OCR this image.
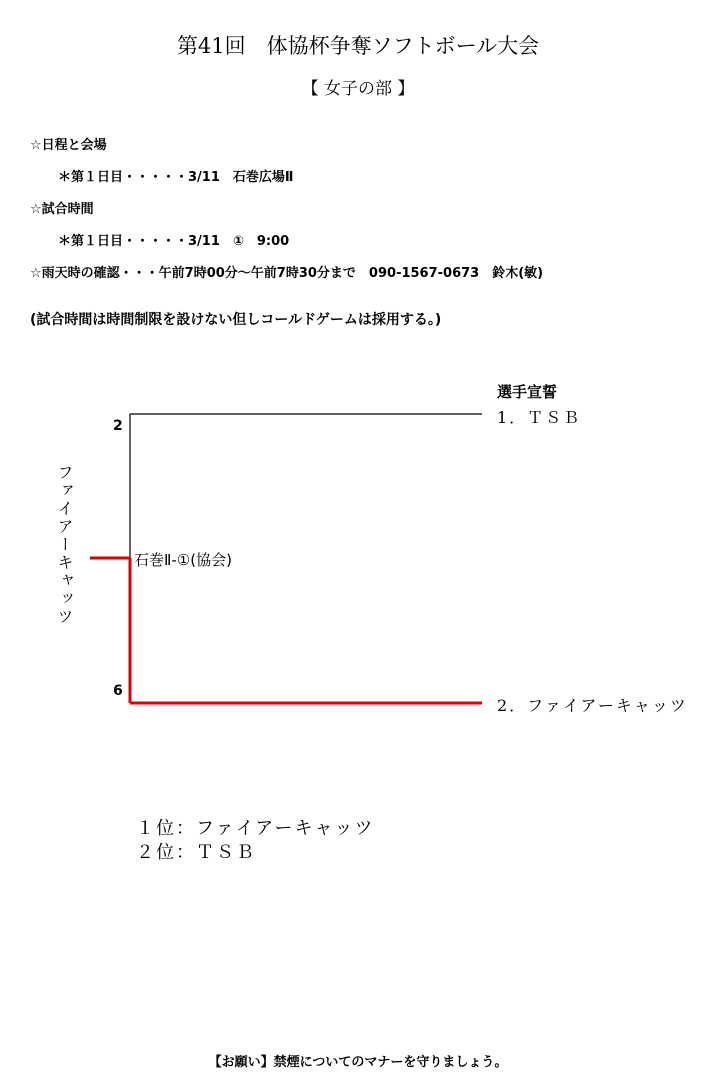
第41回　体協杯争奪ソフトボール大会
【 女子の部 】
☆日程と会場
＊第１日目・・・・・3/11　石巻広場Ⅱ
☆試合時間
＊第１日目・・・・・3/11　①　9:00
☆雨天時の確認・・・午前7時00分～午前7時30分まで　090-1567-0673　鈴木(敏)
(試合時間は時間制限を設けない但しコールドゲームは採用する。)
選手宣誓
1．ＴＳＢ
2
石巻Ⅱ-①(協会)
6
2．ファイアーキャッツ
ファイアーキャッツ
１位：ファイアーキャッツ
２位：ＴＳＢ
【お願い】禁煙についてのマナーを守りましょう。
